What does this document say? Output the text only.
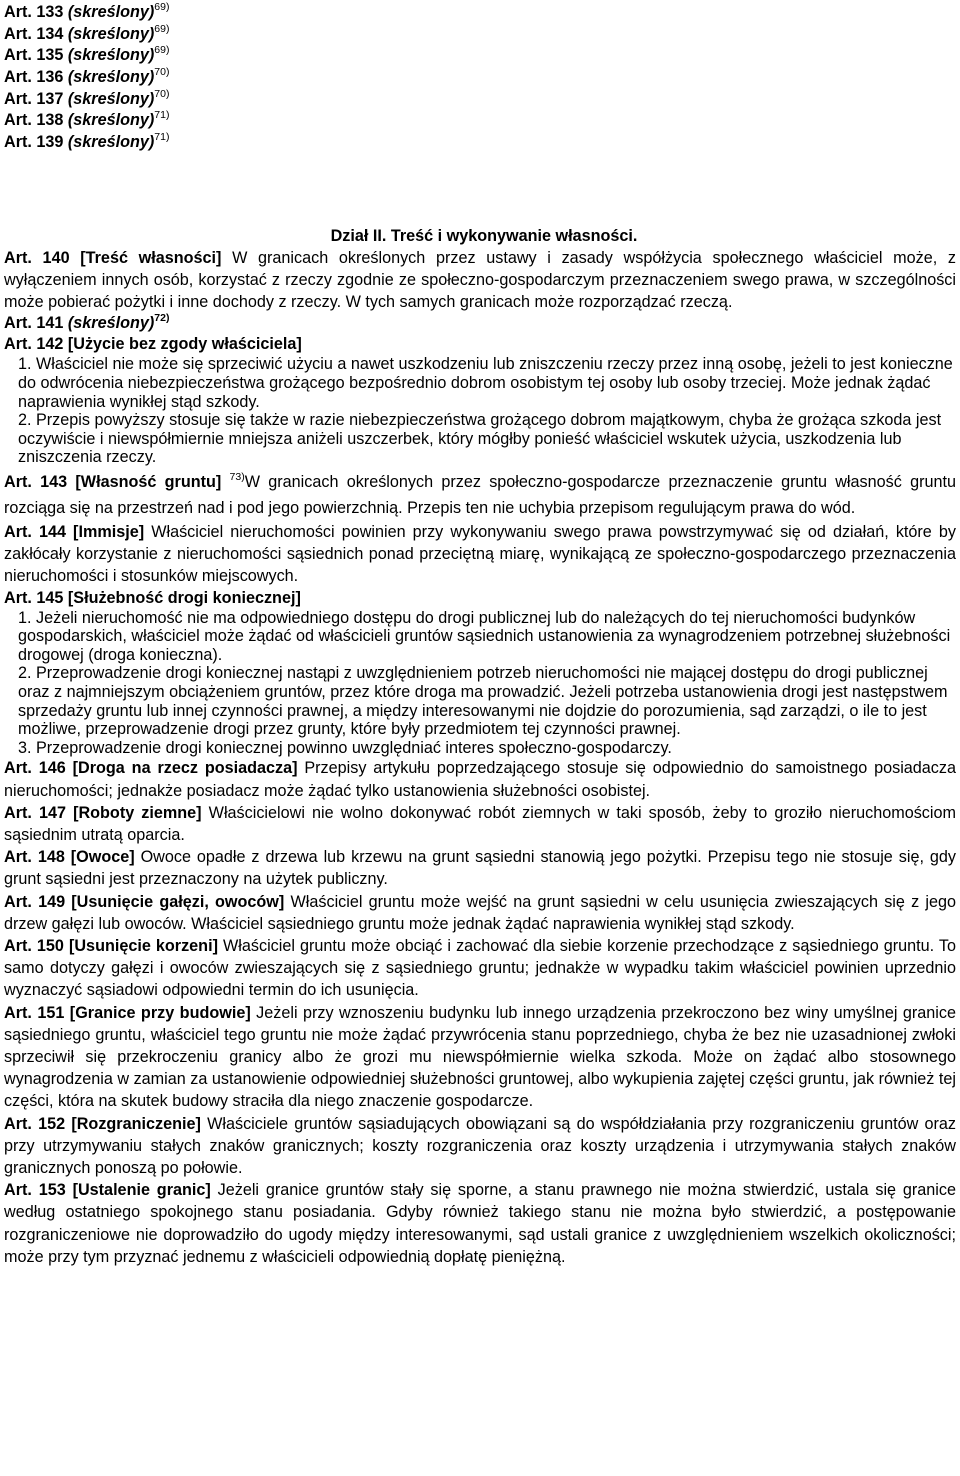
Art. 133 (skreślony)$^{69)}$
Art. 134 (skreślony)$^{69)}$
Art. 135 (skreślony)$^{69)}$
Art. 136 (skreślony)$^{70)}$
Art. 137 (skreślony)$^{70)}$
Art. 138 (skreślony)$^{71)}$
Art. 139 (skreślony)$^{71)}$
Dział II. Treść i wykonywanie własności.

Art. 140 [Treść własności] W granicach określonych przez ustawy i zasady współżycia społecznego właściciel może, z wyłączeniem innych osób, korzystać z rzeczy zgodnie ze społeczno-gospodarczym przeznaczeniem swego prawa, w szczególności może pobierać pożytki i inne dochody z rzeczy. W tych samych granicach może rozporządzać rzeczą.

Art. 141 (skreślony)$^{72)}$
Art. 142 [Użycie bez zgody właściciela]

1. Właściciel nie może się sprzeciwić użyciu a nawet uszkodzeniu lub zniszczeniu rzeczy przez inną osobę, jeżeli to jest konieczne do odwrócenia niebezpieczeństwa grożącego bezpośrednio dobrom osobistym tej osoby lub osoby trzeciej. Może jednak żądać naprawienia wynikłej stąd szkody.

2. Przepis powyższy stosuje się także w razie niebezpieczeństwa grożącego dobrom majątkowym, chyba że grożąca szkoda jest oczywiście i niewspółmiernie mniejsza aniżeli uszczerbek, który mógłby ponieść właściciel wskutek użycia, uszkodzenia lub zniszczenia rzeczy.

Art. 143 [Własność gruntu] $^{73)}$W granicach określonych przez społeczno-gospodarcze przeznaczenie gruntu własność gruntu rozciąga się na przestrzeń nad i pod jego powierzchnią. Przepis ten nie uchybia przepisom regulującym prawa do wód.

Art. 144 [Immisje] Właściciel nieruchomości powinien przy wykonywaniu swego prawa powstrzymywać się od działań, które by zakłócały korzystanie z nieruchomości sąsiednich ponad przeciętną miarę, wynikającą ze społeczno-gospodarczego przeznaczenia nieruchomości i stosunków miejscowych.

Art. 145 [Służebność drogi koniecznej]

1. Jeżeli nieruchomość nie ma odpowiedniego dostępu do drogi publicznej lub do należących do tej nieruchomości budynków gospodarskich, właściciel może żądać od właścicieli gruntów sąsiednich ustanowienia za wynagrodzeniem potrzebnej służebności drogowej (droga konieczna).

2. Przeprowadzenie drogi koniecznej nastąpi z uwzględnieniem potrzeb nieruchomości nie mającej dostępu do drogi publicznej oraz z najmniejszym obciążeniem gruntów, przez które droga ma prowadzić. Jeżeli potrzeba ustanowienia drogi jest następstwem sprzedaży gruntu lub innej czynności prawnej, a między interesowanymi nie dojdzie do porozumienia, sąd zarządzi, o ile to jest możliwe, przeprowadzenie drogi przez grunty, które były przedmiotem tej czynności prawnej.

3. Przeprowadzenie drogi koniecznej powinno uwzględniać interes społeczno-gospodarczy.

Art. 146 [Droga na rzecz posiadacza] Przepisy artykułu poprzedzającego stosuje się odpowiednio do samoistnego posiadacza nieruchomości; jednakże posiadacz może żądać tylko ustanowienia służebności osobistej.

Art. 147 [Roboty ziemne] Właścicielowi nie wolno dokonywać robót ziemnych w taki sposób, żeby to groziło nieruchomościom sąsiednim utratą oparcia.

Art. 148 [Owoce] Owoce opadłe z drzewa lub krzewu na grunt sąsiedni stanowią jego pożytki. Przepisu tego nie stosuje się, gdy grunt sąsiedni jest przeznaczony na użytek publiczny.

Art. 149 [Usunięcie gałęzi, owoców] Właściciel gruntu może wejść na grunt sąsiedni w celu usunięcia zwieszających się z jego drzew gałęzi lub owoców. Właściciel sąsiedniego gruntu może jednak żądać naprawienia wynikłej stąd szkody.

Art. 150 [Usunięcie korzeni] Właściciel gruntu może obciąć i zachować dla siebie korzenie przechodzące z sąsiedniego gruntu. To samo dotyczy gałęzi i owoców zwieszających się z sąsiedniego gruntu; jednakże w wypadku takim właściciel powinien uprzednio wyznaczyć sąsiadowi odpowiedni termin do ich usunięcia.

Art. 151 [Granice przy budowie] Jeżeli przy wznoszeniu budynku lub innego urządzenia przekroczono bez winy umyślnej granice sąsiedniego gruntu, właściciel tego gruntu nie może żądać przywrócenia stanu poprzedniego, chyba że bez nie uzasadnionej zwłoki sprzeciwił się przekroczeniu granicy albo że grozi mu niewspółmiernie wielka szkoda. Może on żądać albo stosownego wynagrodzenia w zamian za ustanowienie odpowiedniej służebności gruntowej, albo wykupienia zajętej części gruntu, jak również tej części, która na skutek budowy straciła dla niego znaczenie gospodarcze.

Art. 152 [Rozgraniczenie] Właściciele gruntów sąsiadujących obowiązani są do współdziałania przy rozgraniczeniu gruntów oraz przy utrzymywaniu stałych znaków granicznych; koszty rozgraniczenia oraz koszty urządzenia i utrzymywania stałych znaków granicznych ponoszą po połowie.

Art. 153 [Ustalenie granic] Jeżeli granice gruntów stały się sporne, a stanu prawnego nie można stwierdzić, ustala się granice według ostatniego spokojnego stanu posiadania. Gdyby również takiego stanu nie można było stwierdzić, a postępowanie rozgraniczeniowe nie doprowadziło do ugody między interesowanymi, sąd ustali granice z uwzględnieniem wszelkich okoliczności; może przy tym przyznać jednemu z właścicieli odpowiednią dopłatę pieniężną.
